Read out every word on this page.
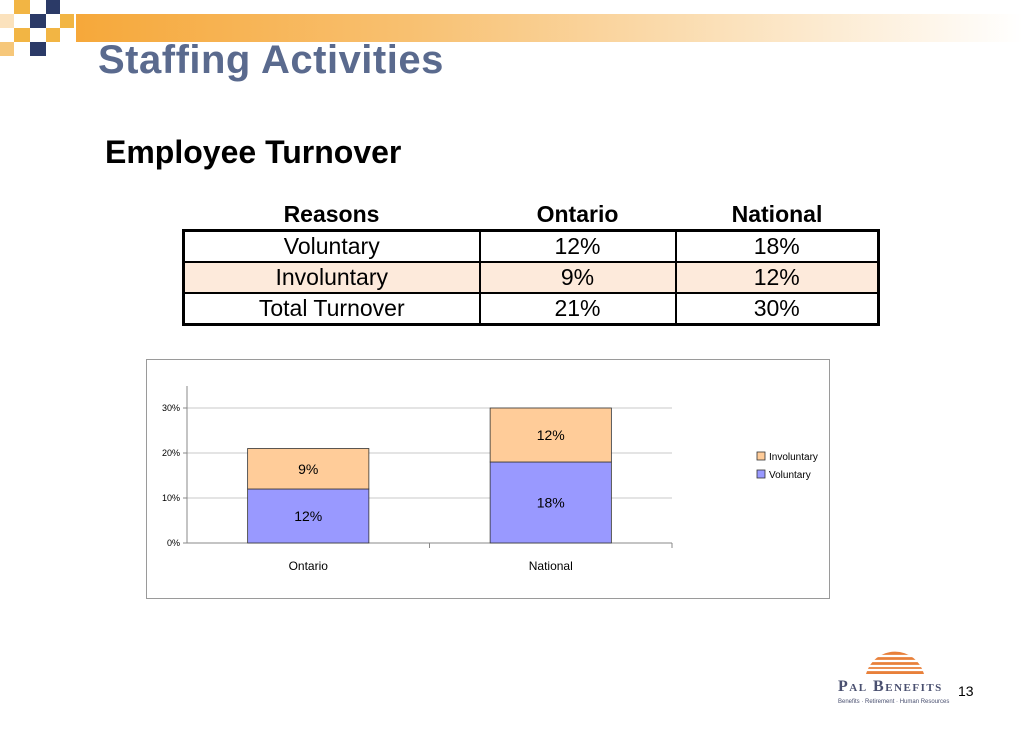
Staffing Activities
Employee Turnover
Reasons	Ontario	National
Voluntary	12%	18%
Involuntary	9%	12%
Total Turnover	21%	30%
0%
10%
20%
30%
12%
9%
Ontario
18%
12%
National
Involuntary
Voluntary

Pal Benefits

Benefits · Retirement · Human Resources

13
